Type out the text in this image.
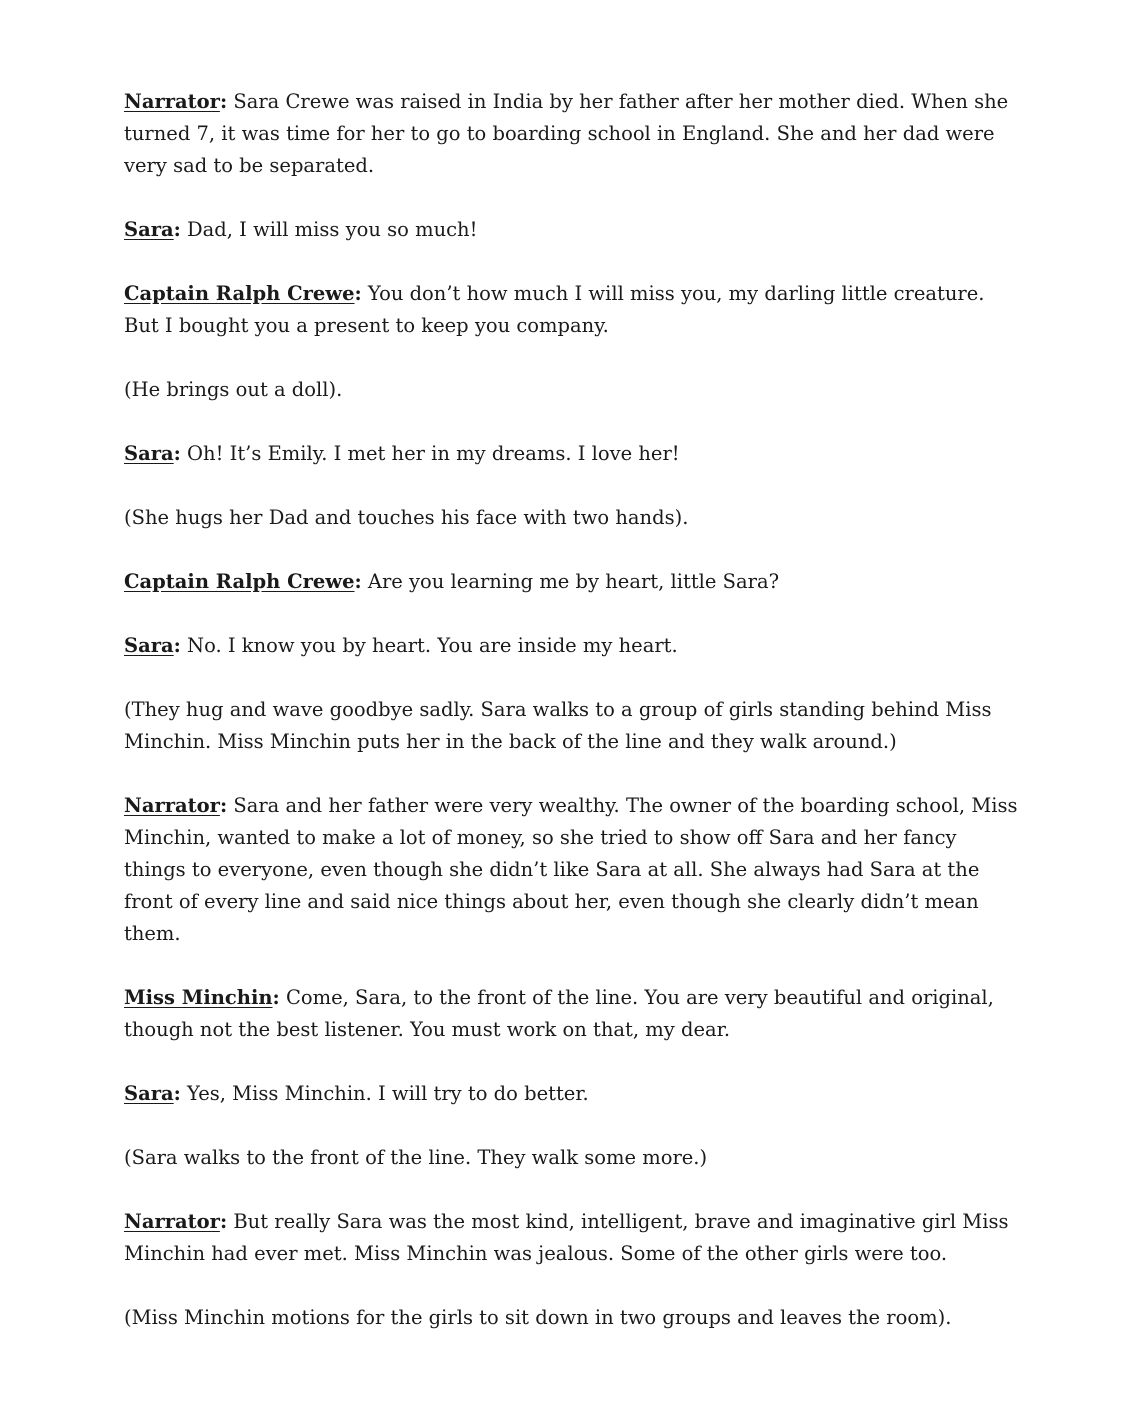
Narrator: Sara Crewe was raised in India by her father after her mother died. When she turned 7, it was time for her to go to boarding school in England. She and her dad were very sad to be separated.

Sara: Dad, I will miss you so much!

Captain Ralph Crewe: You don’t how much I will miss you, my darling little creature. But I bought you a present to keep you company.

(He brings out a doll).

Sara: Oh! It’s Emily. I met her in my dreams. I love her!

(She hugs her Dad and touches his face with two hands).

Captain Ralph Crewe: Are you learning me by heart, little Sara?

Sara: No. I know you by heart. You are inside my heart.

(They hug and wave goodbye sadly. Sara walks to a group of girls standing behind Miss Minchin. Miss Minchin puts her in the back of the line and they walk around.)

Narrator: Sara and her father were very wealthy. The owner of the boarding school, Miss Minchin, wanted to make a lot of money, so she tried to show off Sara and her fancy things to everyone, even though she didn’t like Sara at all. She always had Sara at the front of every line and said nice things about her, even though she clearly didn’t mean them.

Miss Minchin: Come, Sara, to the front of the line. You are very beautiful and original, though not the best listener. You must work on that, my dear.

Sara: Yes, Miss Minchin. I will try to do better.

(Sara walks to the front of the line. They walk some more.)

Narrator: But really Sara was the most kind, intelligent, brave and imaginative girl Miss Minchin had ever met. Miss Minchin was jealous. Some of the other girls were too.

(Miss Minchin motions for the girls to sit down in two groups and leaves the room).
